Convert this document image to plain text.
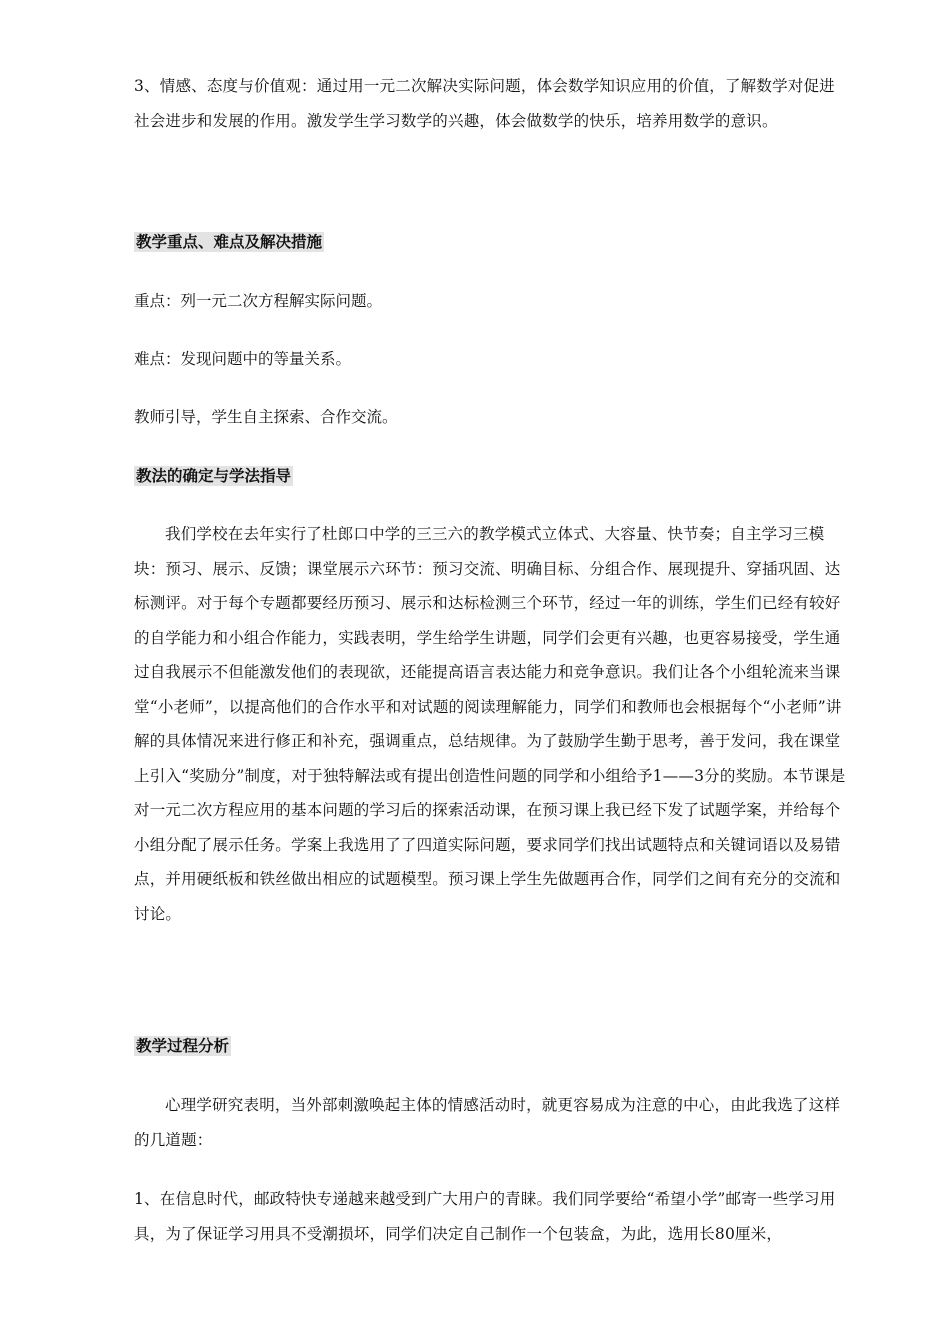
3、情感、态度与价值观：通过用一元二次解决实际问题，体会数学知识应用的价值，了解数学对促进社会进步和发展的作用。激发学生学习数学的兴趣，体会做数学的快乐，培养用数学的意识。

教学重点、难点及解决措施

重点：列一元二次方程解实际问题。

难点：发现问题中的等量关系。

教师引导，学生自主探索、合作交流。

教法的确定与学法指导

我们学校在去年实行了杜郎口中学的三三六的教学模式立体式、大容量、快节奏；自主学习三模块：预习、展示、反馈；课堂展示六环节：预习交流、明确目标、分组合作、展现提升、穿插巩固、达标测评。对于每个专题都要经历预习、展示和达标检测三个环节，经过一年的训练，学生们已经有较好的自学能力和小组合作能力，实践表明，学生给学生讲题，同学们会更有兴趣，也更容易接受，学生通过自我展示不但能激发他们的表现欲，还能提高语言表达能力和竞争意识。我们让各个小组轮流来当课堂“小老师”，以提高他们的合作水平和对试题的阅读理解能力，同学们和教师也会根据每个“小老师”讲解的具体情况来进行修正和补充，强调重点，总结规律。为了鼓励学生勤于思考，善于发问，我在课堂上引入“奖励分”制度，对于独特解法或有提出创造性问题的同学和小组给予1——3分的奖励。本节课是对一元二次方程应用的基本问题的学习后的探索活动课，在预习课上我已经下发了试题学案，并给每个小组分配了展示任务。学案上我选用了了四道实际问题，要求同学们找出试题特点和关键词语以及易错点，并用硬纸板和铁丝做出相应的试题模型。预习课上学生先做题再合作，同学们之间有充分的交流和讨论。

教学过程分析

心理学研究表明，当外部刺激唤起主体的情感活动时，就更容易成为注意的中心，由此我选了这样的几道题：

1、在信息时代，邮政特快专递越来越受到广大用户的青睐。我们同学要给“希望小学”邮寄一些学习用具，为了保证学习用具不受潮损坏，同学们决定自己制作一个包装盒，为此，选用长80厘米，
